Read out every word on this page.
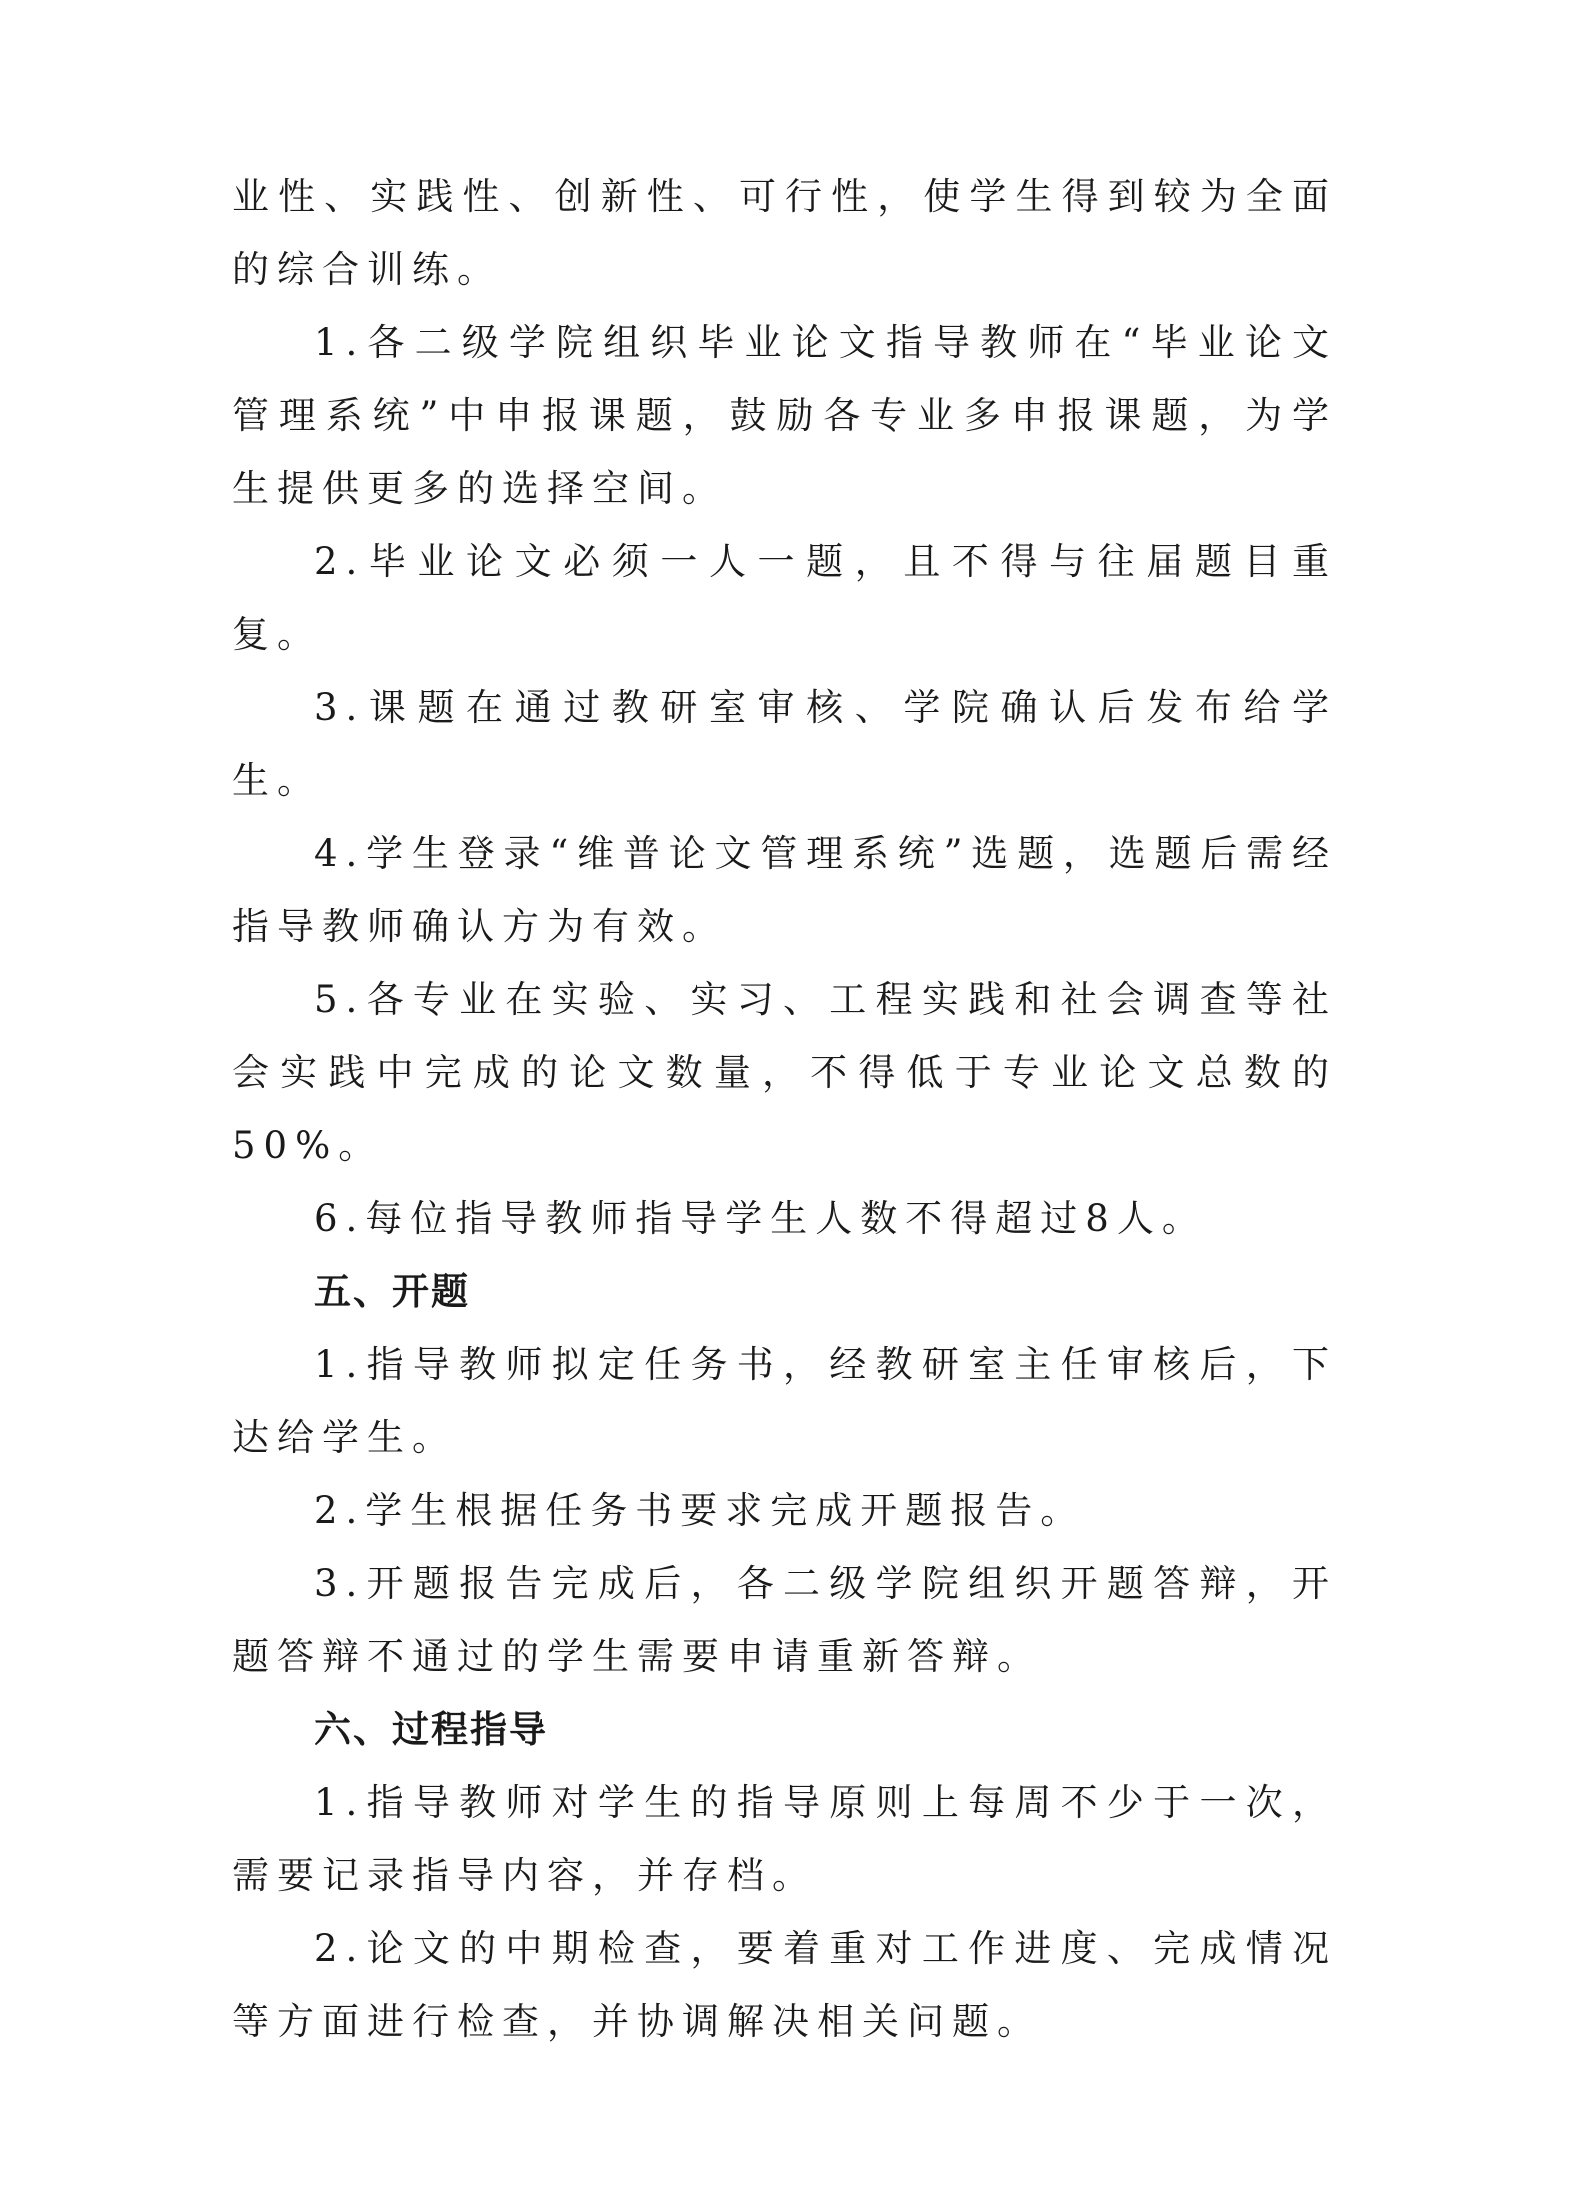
业性、实践性、创新性、可行性，使学生得到较为全面的综合训练。

1.各二级学院组织毕业论文指导教师在“毕业论文管理系统”中申报课题，鼓励各专业多申报课题，为学生提供更多的选择空间。

2.毕业论文必须一人一题，且不得与往届题目重复。

3.课题在通过教研室审核、学院确认后发布给学生。

4.学生登录“维普论文管理系统”选题，选题后需经指导教师确认方为有效。

5.各专业在实验、实习、工程实践和社会调查等社会实践中完成的论文数量，不得低于专业论文总数的50%。

6.每位指导教师指导学生人数不得超过8人。

五、开题

1.指导教师拟定任务书，经教研室主任审核后，下达给学生。

2.学生根据任务书要求完成开题报告。

3.开题报告完成后，各二级学院组织开题答辩，开题答辩不通过的学生需要申请重新答辩。

六、过程指导

1.指导教师对学生的指导原则上每周不少于一次，需要记录指导内容，并存档。

2.论文的中期检查，要着重对工作进度、完成情况等方面进行检查，并协调解决相关问题。
